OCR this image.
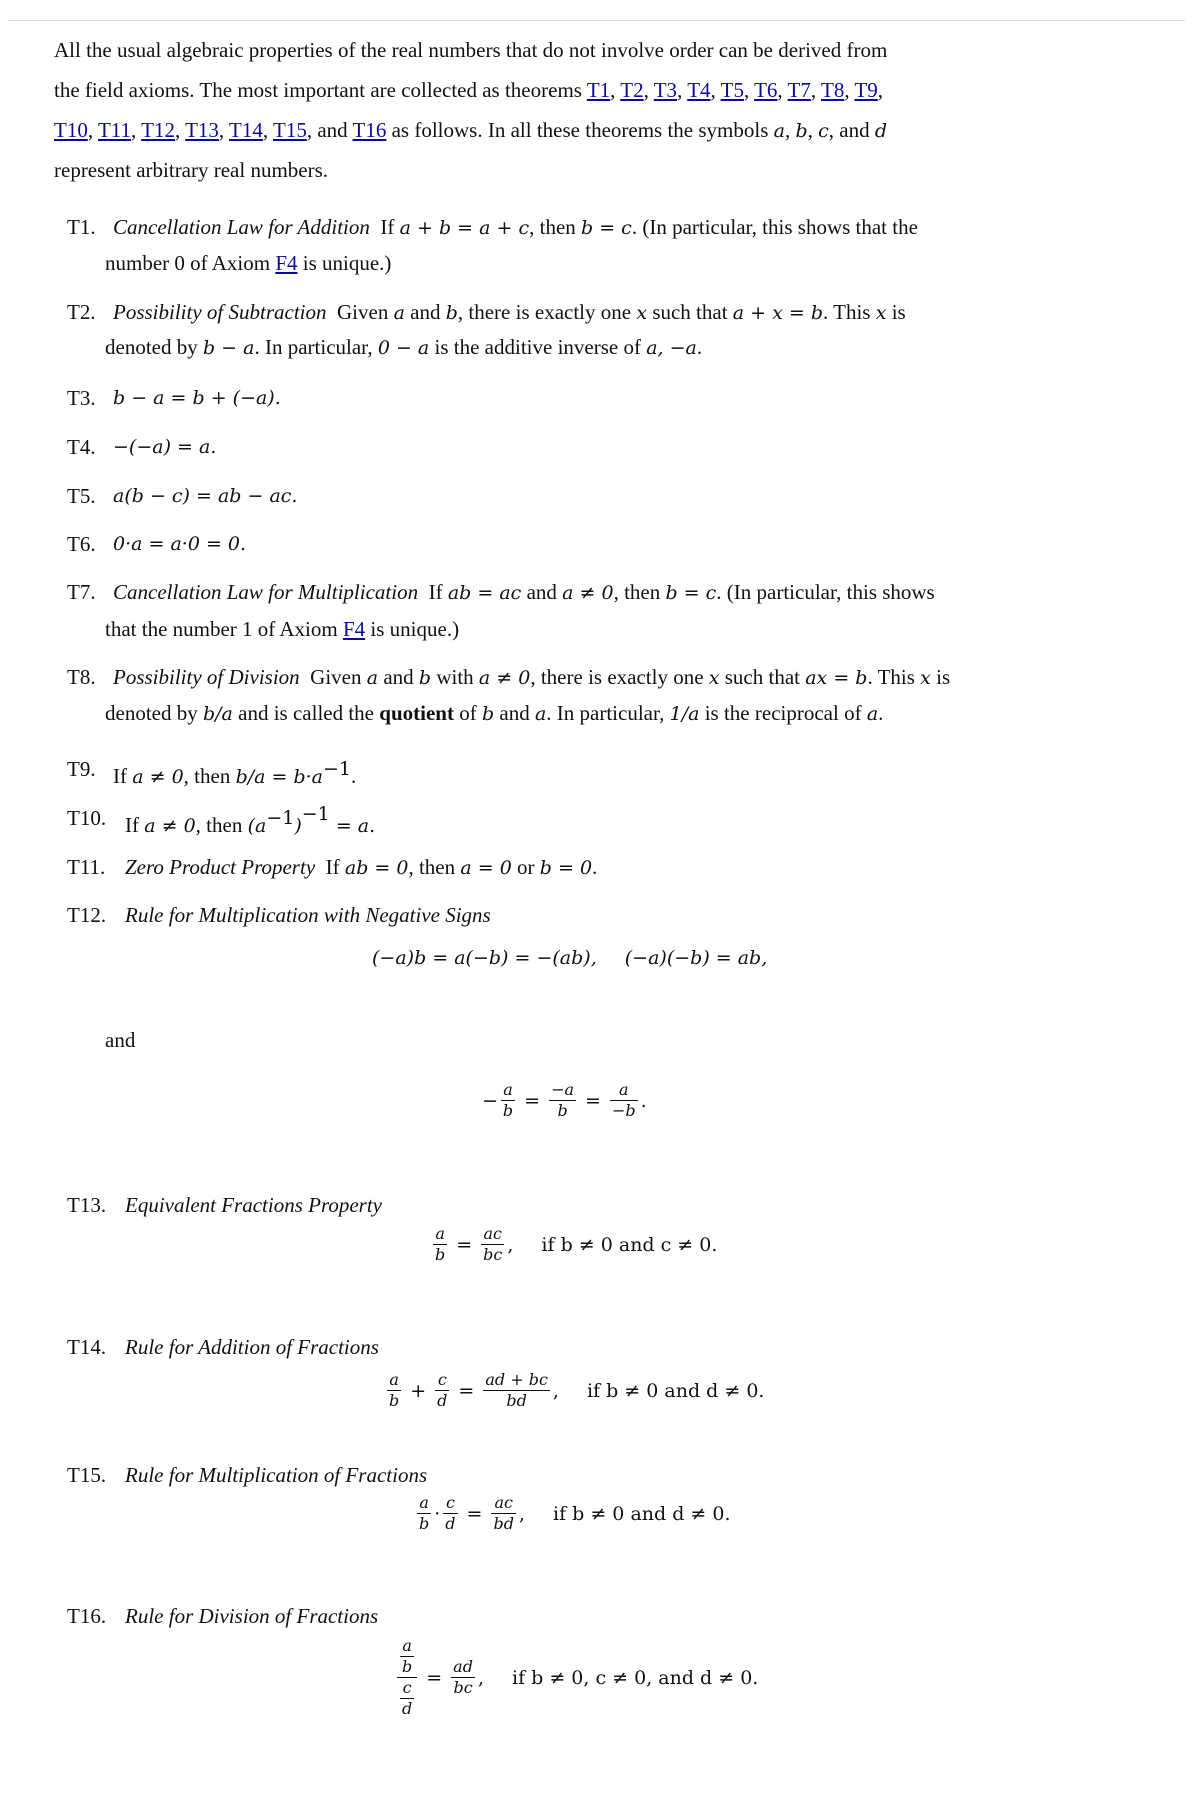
All the usual algebraic properties of the real numbers that do not involve order can be derived from
the field axioms. The most important are collected as theorems T1, T2, T3, T4, T5, T6, T7, T8, T9,
T10, T11, T12, T13, T14, T15, and T16 as follows. In all these theorems the symbols a, b, c, and d
represent arbitrary real numbers.
T1. Cancellation Law for Addition If a + b = a + c, then b = c. (In particular, this shows that the
number 0 of Axiom F4 is unique.)
T2. Possibility of Subtraction Given a and b, there is exactly one x such that a + x = b. This x is
denoted by b − a. In particular, 0 − a is the additive inverse of a, −a.
T3. b − a = b + (−a).
T4. −(−a) = a.
T5. a(b − c) = ab − ac.
T6. 0·a = a·0 = 0.
T7. Cancellation Law for Multiplication If ab = ac and a ≠ 0, then b = c. (In particular, this shows
that the number 1 of Axiom F4 is unique.)
T8. Possibility of Division Given a and b with a ≠ 0, there is exactly one x such that ax = b. This x is
denoted by b/a and is called the quotient of b and a. In particular, 1/a is the reciprocal of a.
T9. If a ≠ 0, then $b/a = b\cdot a^{-1}$.
T10. If a ≠ 0, then $(a^{-1})^{-1} = a$.
T11. Zero Product Property If ab = 0, then a = 0 or b = 0.
T12. Rule for Multiplication with Negative Signs
(−a)b = a(−b) = −(ab), (−a)(−b) = ab,
and
− $\frac{a}{b} = \frac{-a}{b} = \frac{a}{-b}$ .
T13. Equivalent Fractions Property
$\frac{a}{b} = \frac{ac}{bc}$ , if b ≠ 0 and c ≠ 0.
T14. Rule for Addition of Fractions
$\frac{a}{b} + \frac{c}{d} = \frac{ad + bc}{bd}$ , if b ≠ 0 and d ≠ 0.
T15. Rule for Multiplication of Fractions
$\frac{a}{b} \cdot \frac{c}{d} = \frac{ac}{bd}$ , if b ≠ 0 and d ≠ 0.
T16. Rule for Division of Fractions
$\frac{\frac{a}{b}}{\frac{c}{d}} = \frac{ad}{bc}$ , if b ≠ 0, c ≠ 0, and d ≠ 0.
